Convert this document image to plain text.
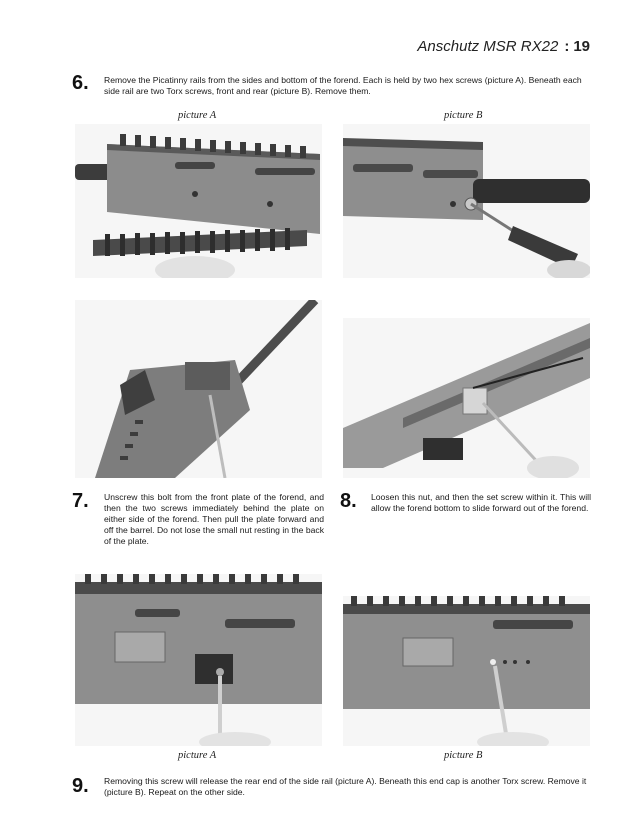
Anschutz MSR RX22 : 19
6. Remove the Picatinny rails from the sides and bottom of the forend. Each is held by two hex screws (picture A). Beneath each side rail are two Torx screws, front and rear (picture B). Remove them.
picture A	picture B
7. Unscrew this bolt from the front plate of the forend, and then the two screws immediately behind the plate on either side of the forend. Then pull the plate forward and off the barrel. Do not lose the small nut resting in the back of the plate.
8. Loosen this nut, and then the set screw within it. This will allow the forend bottom to slide forward out of the forend.
picture A	picture B
9. Removing this screw will release the rear end of the side rail (picture A). Beneath this end cap is another Torx screw. Remove it (picture B). Repeat on the other side.
